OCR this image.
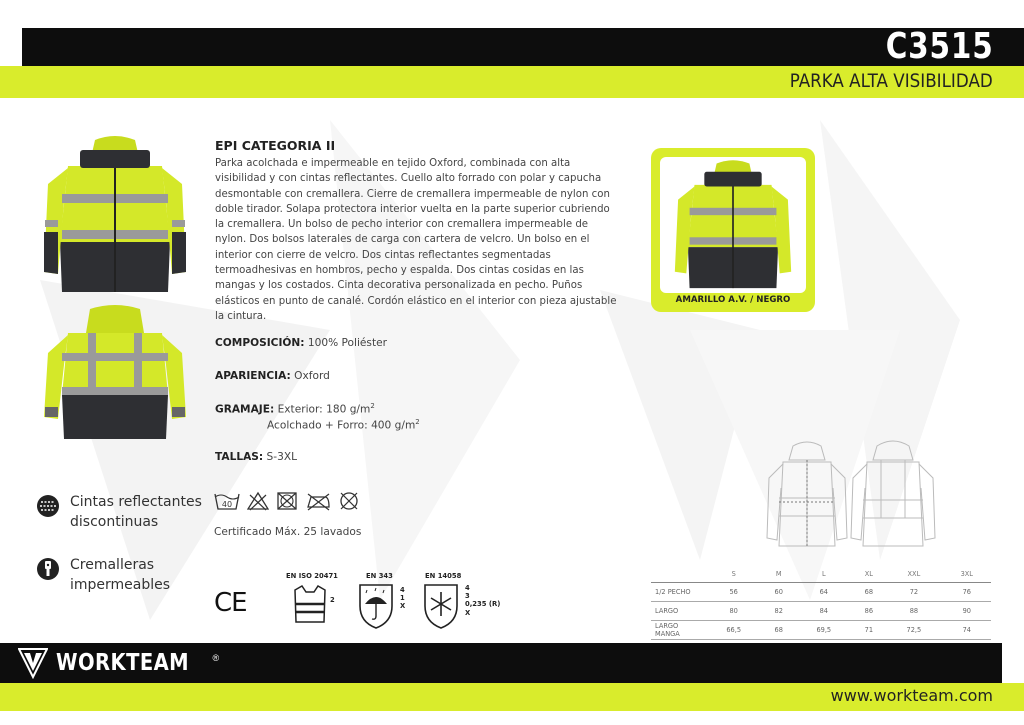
C3515
PARKA ALTA VISIBILIDAD
EPI CATEGORIA II
Parka acolchada e impermeable en tejido Oxford, combinada con alta visibilidad y con cintas reflectantes. Cuello alto forrado con polar y capucha desmontable con cremallera. Cierre de cremallera impermeable de nylon con doble tirador. Solapa protectora interior vuelta en la parte superior cubriendo la cremallera. Un bolso de pecho interior con cremallera impermeable de nylon. Dos bolsos laterales de carga con cartera de velcro. Un bolso en el interior con cierre de velcro. Dos cintas reflectantes segmentadas termoadhesivas en hombros, pecho y espalda. Dos cintas cosidas en las mangas y los costados. Cinta decorativa personalizada en pecho. Puños elásticos en punto de canalé. Cordón elástico en el interior con pieza ajustable la cintura.
COMPOSICIÓN: 100% Poliéster
APARIENCIA: Oxford
GRAMAJE: Exterior: 180 $g/m^2$
Acolchado + Forro: 400 $g/m^2$
TALLAS: S-3XL
AMARILLO A.V. / NEGRO
Cintas reflectantes
discontinuas
Cremalleras
impermeables
40
Certificado Máx. 25 lavados
CE
EN ISO 20471
2
EN 343
4
1
X
EN 14058
4
3
0,235 (R)
X
	S	M	L	XL	XXL	3XL
1/2 PECHO	56	60	64	68	72	76
LARGO	80	82	84	86	88	90
LARGO MANGA	66,5	68	69,5	71	72,5	74
WORKTEAM	®
www.workteam.com
